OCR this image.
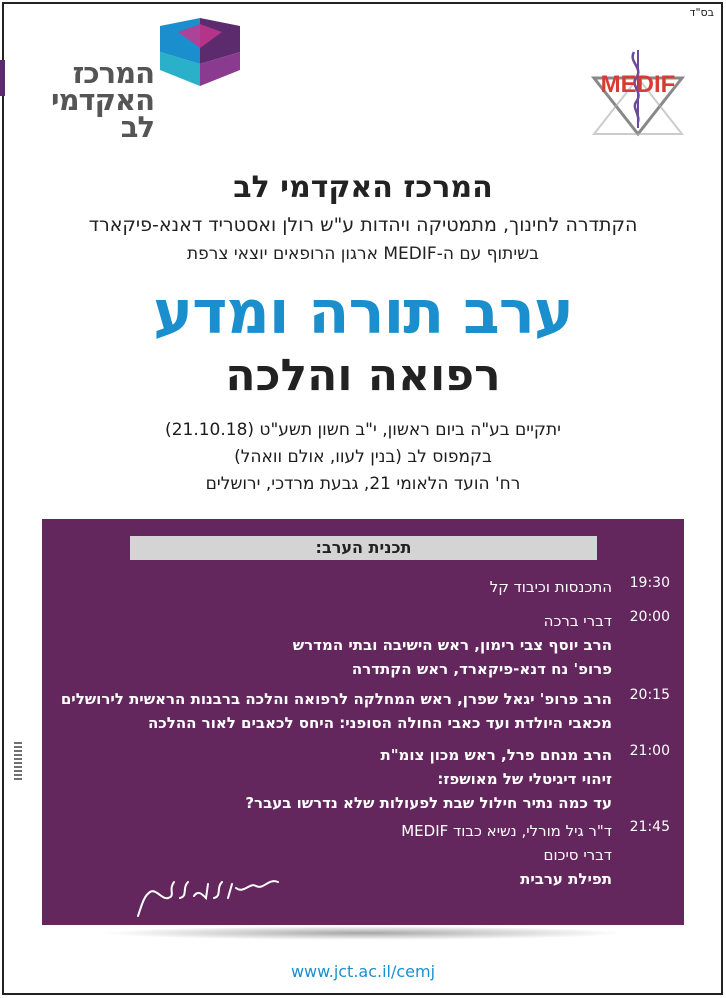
בס"ד
המרכז
האקדמי
לב
MEDIF
המרכז האקדמי לב
הקתדרה לחינוך, מתמטיקה ויהדות ע"ש רולן ואסטריד דאנא-פיקארד
בשיתוף עם ה-MEDIF ארגון הרופאים יוצאי צרפת
ערב תורה ומדע
רפואה והלכה
יתקיים בע"ה ביום ראשון, י"ב חשון תשע"ט (21.10.18)
בקמפוס לב (בנין לעוו, אולם וואהל)
רח' הועד הלאומי 21, גבעת מרדכי, ירושלים
תכנית הערב:
19:30
התכנסות וכיבוד קל
20:00
דברי ברכה
הרב יוסף צבי רימון, ראש הישיבה ובתי המדרש
פרופ' נח דנא-פיקארד, ראש הקתדרה
20:15
הרב פרופ' יגאל שפרן, ראש המחלקה לרפואה והלכה ברבנות הראשית לירושלים
מכאבי היולדת ועד כאבי החולה הסופני: היחס לכאבים לאור ההלכה
21:00
הרב מנחם פרל, ראש מכון צומ"ת
זיהוי דיגיטלי של מאושפז:
עד כמה נתיר חילול שבת לפעולות שלא נדרשו בעבר?
21:45
ד"ר גיל מורלי, נשיא כבוד MEDIF
דברי סיכום
תפילת ערבית
www.jct.ac.il/cemj
